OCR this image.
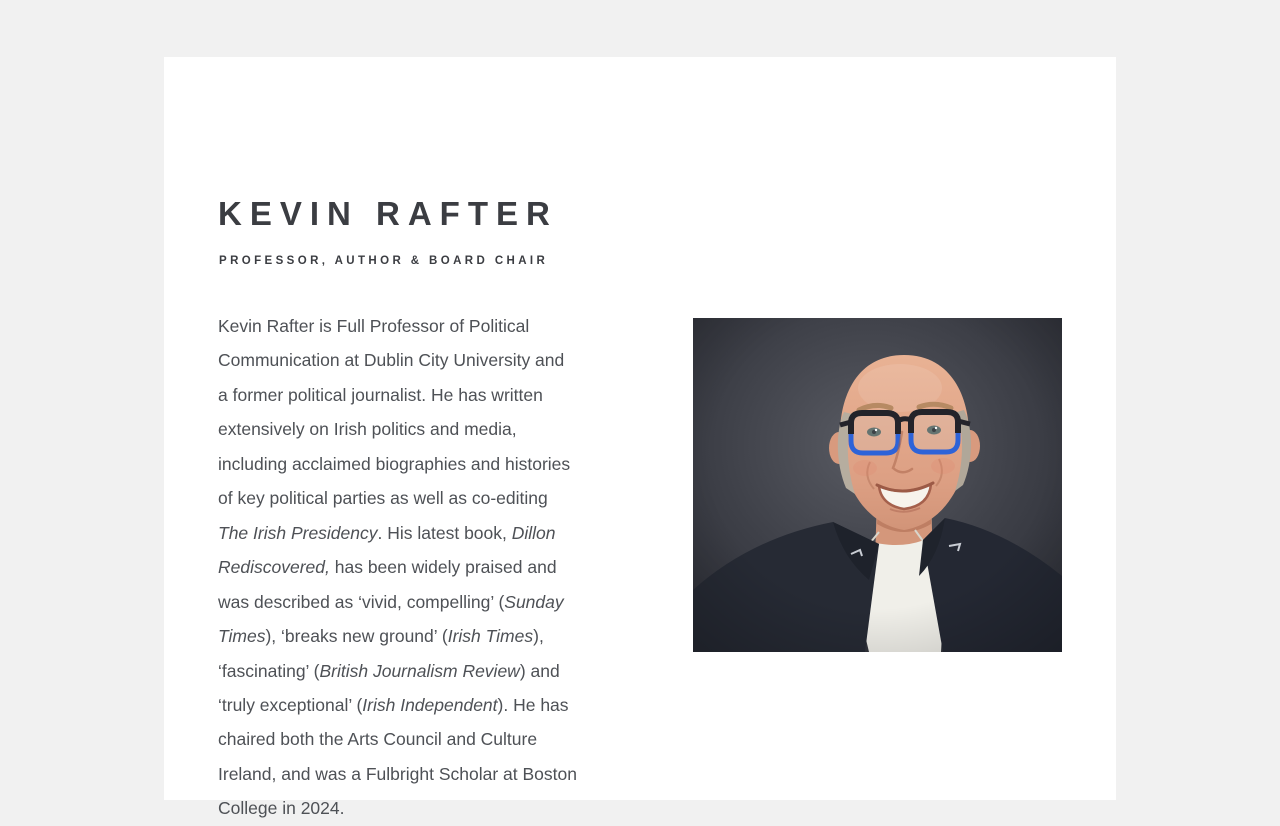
KEVIN RAFTER
PROFESSOR, AUTHOR & BOARD CHAIR
Kevin Rafter is Full Professor of Political
Communication at Dublin City University and
a former political journalist. He has written
extensively on Irish politics and media,
including acclaimed biographies and histories
of key political parties as well as co-editing
The Irish Presidency. His latest book, Dillon
Rediscovered, has been widely praised and
was described as ‘vivid, compelling’ (Sunday
Times), ‘breaks new ground’ (Irish Times),
‘fascinating’ (British Journalism Review) and
‘truly exceptional’ (Irish Independent). He has
chaired both the Arts Council and Culture
Ireland, and was a Fulbright Scholar at Boston
College in 2024.
